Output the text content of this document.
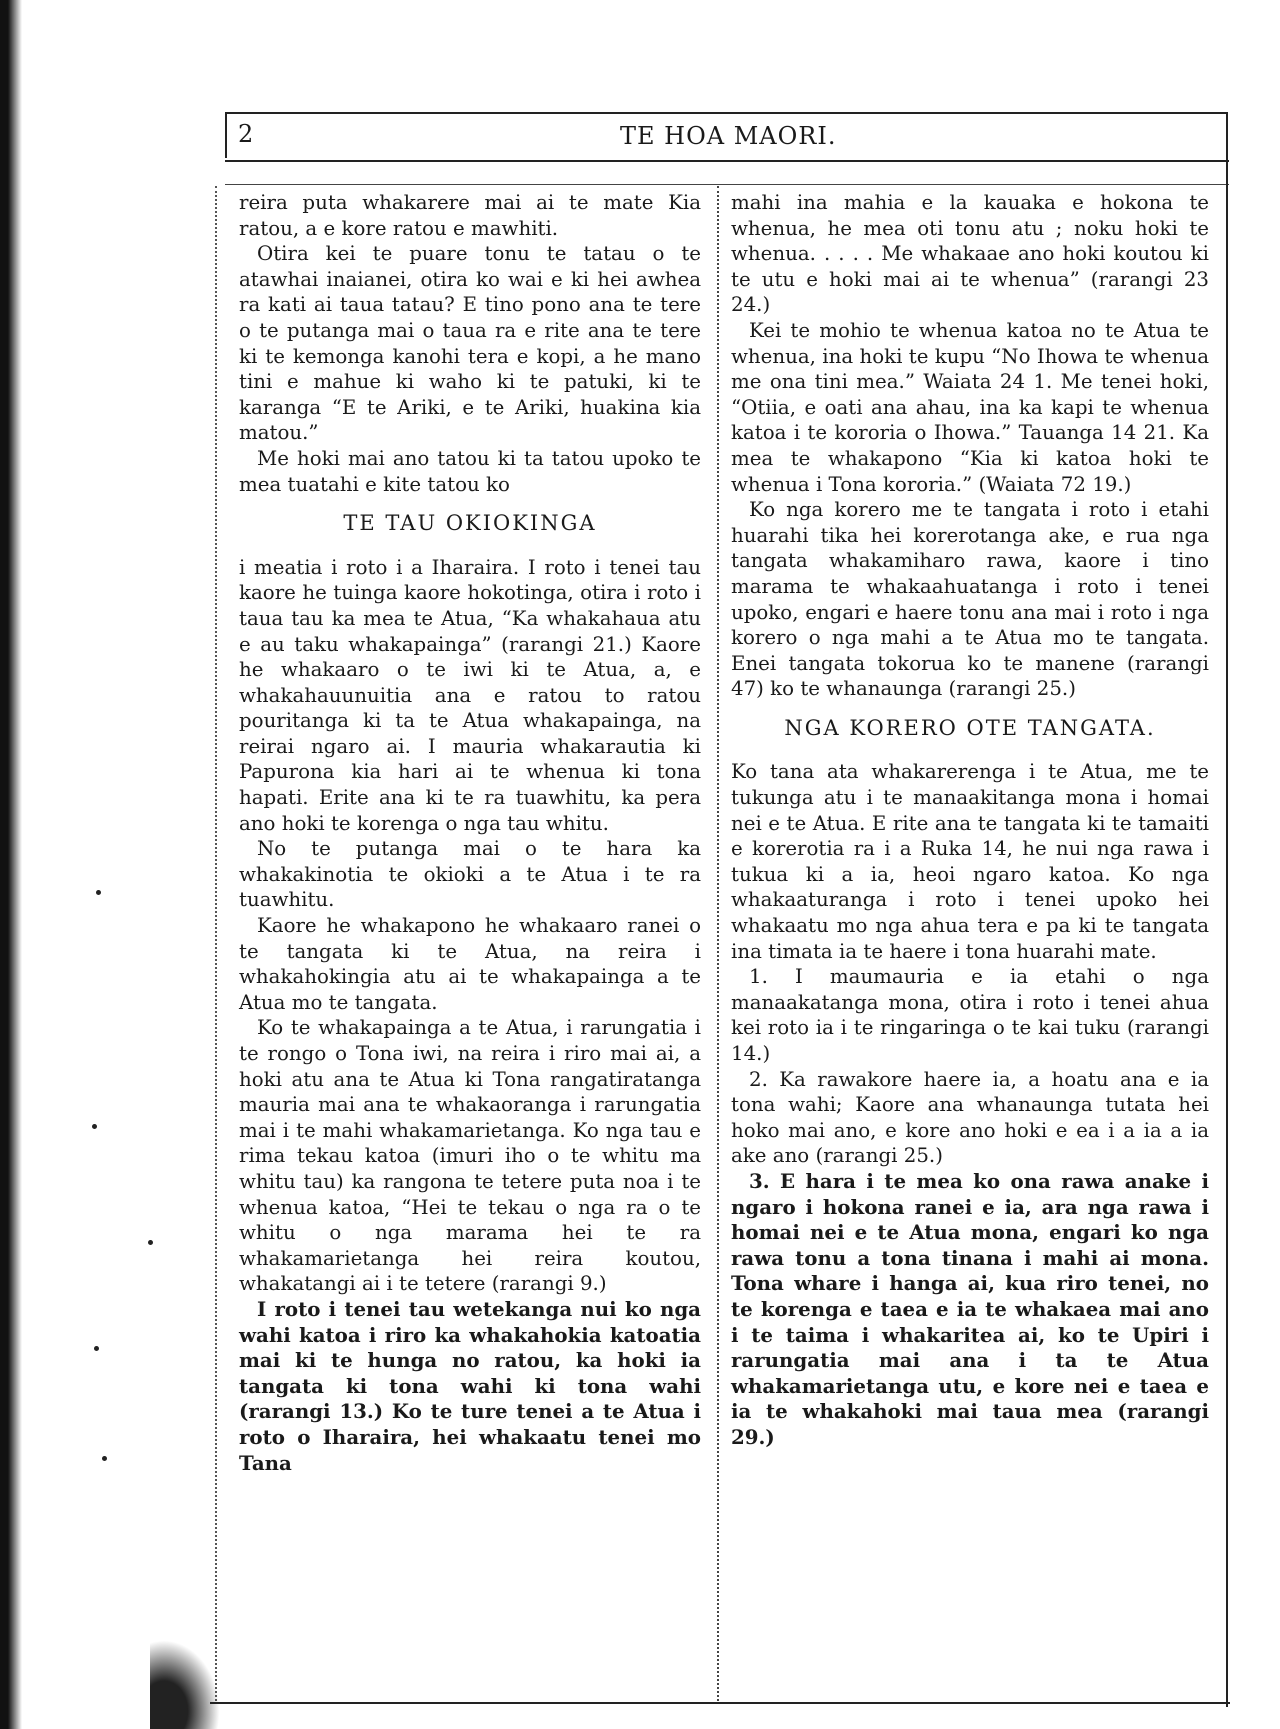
2	TE HOA MAORI.

reira puta whakarere mai ai te mate Kia ratou, a e kore ratou e mawhiti.

Otira kei te puare tonu te tatau o te atawhai inaianei, otira ko wai e ki hei awhea ra kati ai taua tatau? E tino pono ana te tere o te putanga mai o taua ra e rite ana te tere ki te kemonga kanohi tera e kopi, a he mano tini e mahue ki waho ki te patuki, ki te karanga “E te Ariki, e te Ariki, huakina kia matou.”

Me hoki mai ano tatou ki ta tatou upoko te mea tuatahi e kite tatou ko

TE TAU OKIOKINGA

i meatia i roto i a Iharaira. I roto i tenei tau kaore he tuinga kaore hokotinga, otira i roto i taua tau ka mea te Atua, “Ka whakahaua atu e au taku whakapainga” (rarangi 21.) Kaore he whakaaro o te iwi ki te Atua, a, e whakahauunuitia ana e ratou to ratou pouritanga ki ta te Atua whakapainga, na reirai ngaro ai. I mauria whakarautia ki Papurona kia hari ai te whenua ki tona hapati. Erite ana ki te ra tuawhitu, ka pera ano hoki te korenga o nga tau whitu.

No te putanga mai o te hara ka whakakinotia te okioki a te Atua i te ra tuawhitu.

Kaore he whakapono he whakaaro ranei o te tangata ki te Atua, na reira i whakahokingia atu ai te whakapainga a te Atua mo te tangata.

Ko te whakapainga a te Atua, i rarungatia i te rongo o Tona iwi, na reira i riro mai ai, a hoki atu ana te Atua ki Tona rangatiratanga mauria mai ana te whakaoranga i rarungatia mai i te mahi whakamarietanga. Ko nga tau e rima tekau katoa (imuri iho o te whitu ma whitu tau) ka rangona te tetere puta noa i te whenua katoa, “Hei te tekau o nga ra o te whitu o nga marama hei te ra whakamarietanga hei reira koutou, whakatangi ai i te tetere (rarangi 9.)

I roto i tenei tau wetekanga nui ko nga wahi katoa i riro ka whakahokia katoatia mai ki te hunga no ratou, ka hoki ia tangata ki tona wahi ki tona wahi (rarangi 13.) Ko te ture tenei a te Atua i roto o Iharaira, hei whakaatu tenei mo Tana

mahi ina mahia e la kauaka e hokona te whenua, he mea oti tonu atu ; noku hoki te whenua. . . . . Me whakaae ano hoki koutou ki te utu e hoki mai ai te whenua” (rarangi 23 24.)

Kei te mohio te whenua katoa no te Atua te whenua, ina hoki te kupu “No Ihowa te whenua me ona tini mea.” Waiata 24 1. Me tenei hoki, “Otiia, e oati ana ahau, ina ka kapi te whenua katoa i te kororia o Ihowa.” Tauanga 14 21. Ka mea te whakapono “Kia ki katoa hoki te whenua i Tona kororia.” (Waiata 72 19.)

Ko nga korero me te tangata i roto i etahi huarahi tika hei korerotanga ake, e rua nga tangata whakamiharo rawa, kaore i tino marama te whakaahuatanga i roto i tenei upoko, engari e haere tonu ana mai i roto i nga korero o nga mahi a te Atua mo te tangata. Enei tangata tokorua ko te manene (rarangi 47) ko te whanaunga (rarangi 25.)

NGA KORERO OTE TANGATA.

Ko tana ata whakarerenga i te Atua, me te tukunga atu i te manaakitanga mona i homai nei e te Atua. E rite ana te tangata ki te tamaiti e korerotia ra i a Ruka 14, he nui nga rawa i tukua ki a ia, heoi ngaro katoa. Ko nga whakaaturanga i roto i tenei upoko hei whakaatu mo nga ahua tera e pa ki te tangata ina timata ia te haere i tona huarahi mate.

1. I maumauria e ia etahi o nga manaakatanga mona, otira i roto i tenei ahua kei roto ia i te ringaringa o te kai tuku (rarangi 14.)

2. Ka rawakore haere ia, a hoatu ana e ia tona wahi; Kaore ana whanaunga tutata hei hoko mai ano, e kore ano hoki e ea i a ia a ia ake ano (rarangi 25.)

3. E hara i te mea ko ona rawa anake i ngaro i hokona ranei e ia, ara nga rawa i homai nei e te Atua mona, engari ko nga rawa tonu a tona tinana i mahi ai mona. Tona whare i hanga ai, kua riro tenei, no te korenga e taea e ia te whakaea mai ano i te taima i whakaritea ai, ko te Upiri i rarungatia mai ana i ta te Atua whakamarietanga utu, e kore nei e taea e ia te whakahoki mai taua mea (rarangi 29.)
